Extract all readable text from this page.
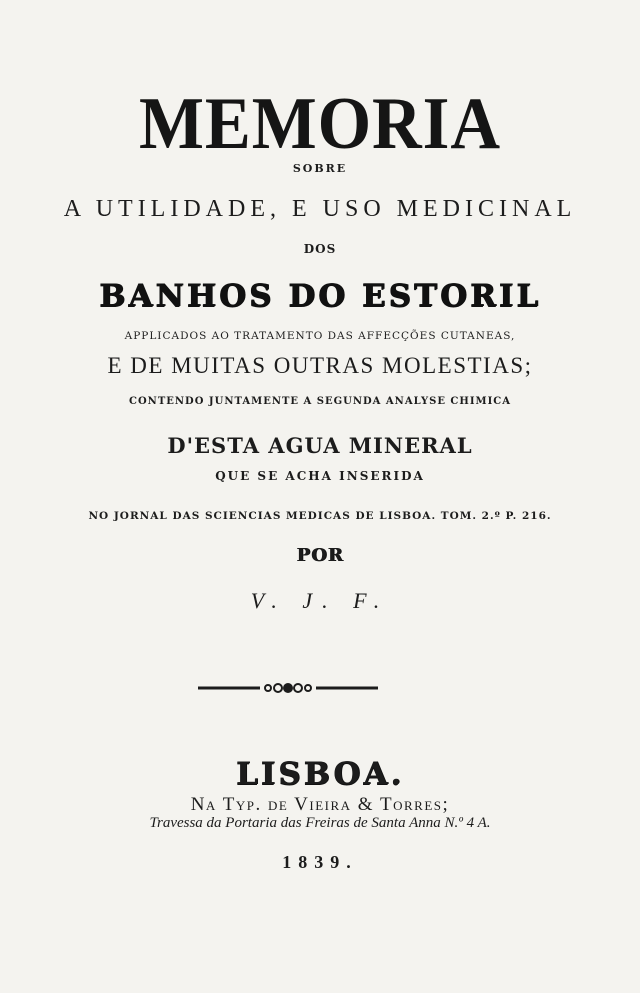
MEMORIA
SOBRE
A UTILIDADE, E USO MEDICINAL
DOS
BANHOS DO ESTORIL
APPLICADOS AO TRATAMENTO DAS AFFECÇÕES CUTANEAS,
E DE MUITAS OUTRAS MOLESTIAS;
CONTENDO JUNTAMENTE A SEGUNDA ANALYSE CHIMICA
D'ESTA AGUA MINERAL
QUE SE ACHA INSERIDA
NO JORNAL DAS SCIENCIAS MEDICAS DE LISBOA. TOM. 2.º P. 216.
POR
V. J. F.
LISBOA.
Na Typ. de Vieira & Torres;
Travessa da Portaria das Freiras de Santa Anna N.º 4 A.
1839.
